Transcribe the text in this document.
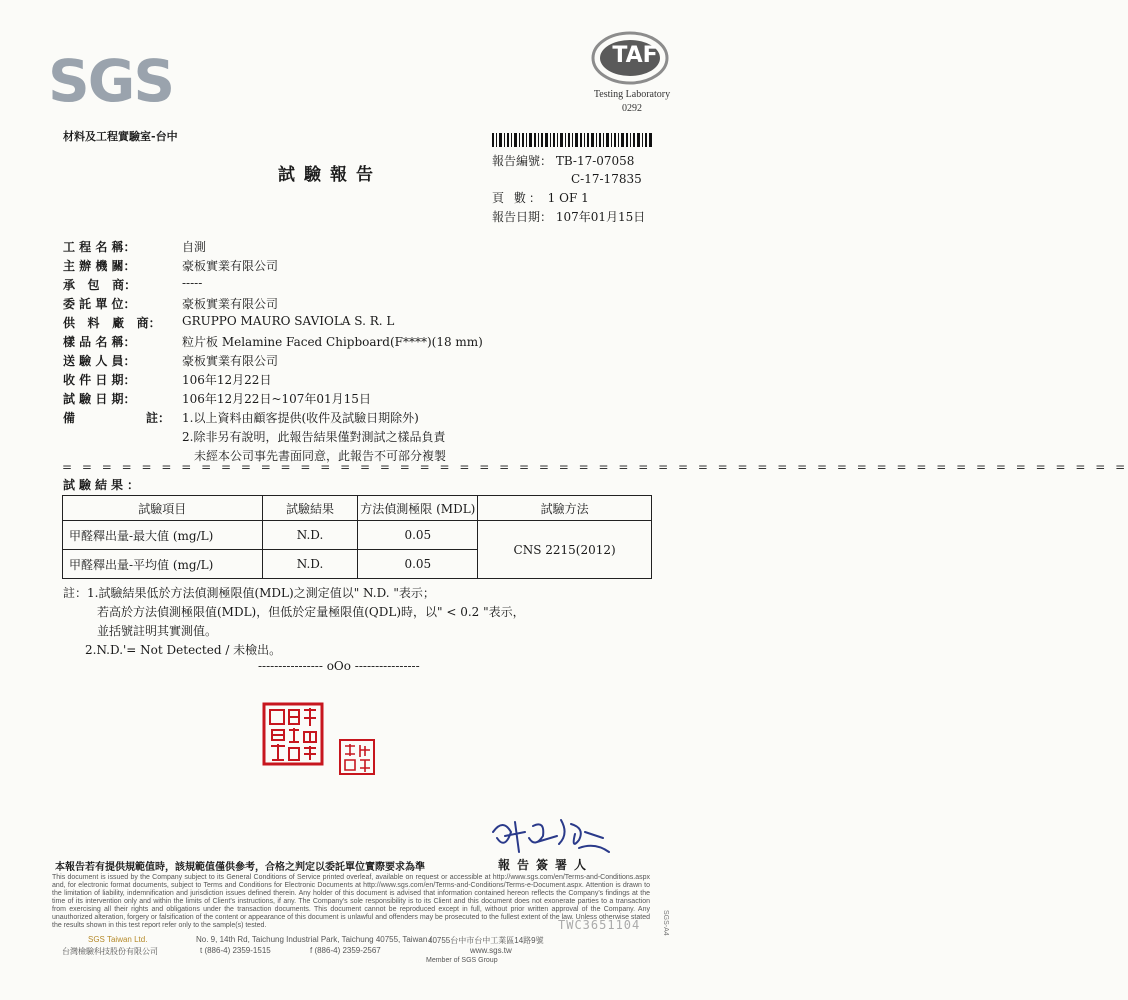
SGS	TAF
Testing Laboratory
0292
材料及工程實驗室-台中
試驗報告
報告編號： TB-17-07058
C-17-17835
頁 數： 1 OF 1
報告日期： 107年01月15日
工 程 名 稱：	自測
主 辦 機 關：	豪板實業有限公司
承   包   商：	-----
委 託 單 位：	豪板實業有限公司
供   料   廠   商：	GRUPPO MAURO SAVIOLA S. R. L
樣 品 名 稱：	粒片板 Melamine Faced Chipboard(F****)(18 mm)
送 驗 人 員：	豪板實業有限公司
收 件 日 期：	106年12月22日
試 驗 日 期：	106年12月22日~107年01月15日
備                 註： 1.以上資料由顧客提供(收件及試驗日期除外)
2.除非另有說明，此報告結果僅對測試之樣品負責
未經本公司事先書面同意，此報告不可部分複製
= = = = = = = = = = = = = = = = = = = = = = = = = = = = = = = = = = = = = = = = = = = = = = = = = = = = = =
試驗結果：
試驗項目	試驗結果	方法偵測極限 (MDL)	試驗方法
甲醛釋出量-最大值 (mg/L)	N.D.	0.05	CNS 2215(2012)
甲醛釋出量-平均值 (mg/L)	N.D.	0.05	
註：1.試驗結果低於方法偵測極限值(MDL)之測定值以" N.D. "表示；
若高於方法偵測極限值(MDL)，但低於定量極限值(QDL)時，以" < 0.2 "表示，
並括號註明其實測值。
2.N.D.'= Not Detected / 未檢出。
---------------- oOo ----------------
報告簽署人
本報告若有提供規範值時，該規範值僅供參考，合格之判定以委託單位實際要求為準
This document is issued by the Company subject to its General Conditions of Service printed overleaf, available on request or accessible at http://www.sgs.com/en/Terms-and-Conditions.aspx and, for electronic format documents, subject to Terms and Conditions for Electronic Documents at http://www.sgs.com/en/Terms-and-Conditions/Terms-e-Document.aspx. Attention is drawn to the limitation of liability, indemnification and jurisdiction issues defined therein. Any holder of this document is advised that information contained hereon reflects the Company's findings at the time of its intervention only and within the limits of Client's instructions, if any. The Company's sole responsibility is to its Client and this document does not exonerate parties to a transaction from exercising all their rights and obligations under the transaction documents. This document cannot be reproduced except in full, without prior written approval of the Company. Any unauthorized alteration, forgery or falsification of the content or appearance of this document is unlawful and offenders may be prosecuted to the fullest extent of the law. Unless otherwise stated the results shown in this test report refer only to the sample(s) tested.
SGS Taiwan Ltd.
台灣檢驗科技股份有限公司
No. 9, 14th Rd, Taichung Industrial Park, Taichung 40755, Taiwan /
40755台中市台中工業區14路9號
t (886-4) 2359-1515	f (886-4) 2359-2567	www.sgs.tw
Member of SGS Group
TWC3651104	SGS-A4
